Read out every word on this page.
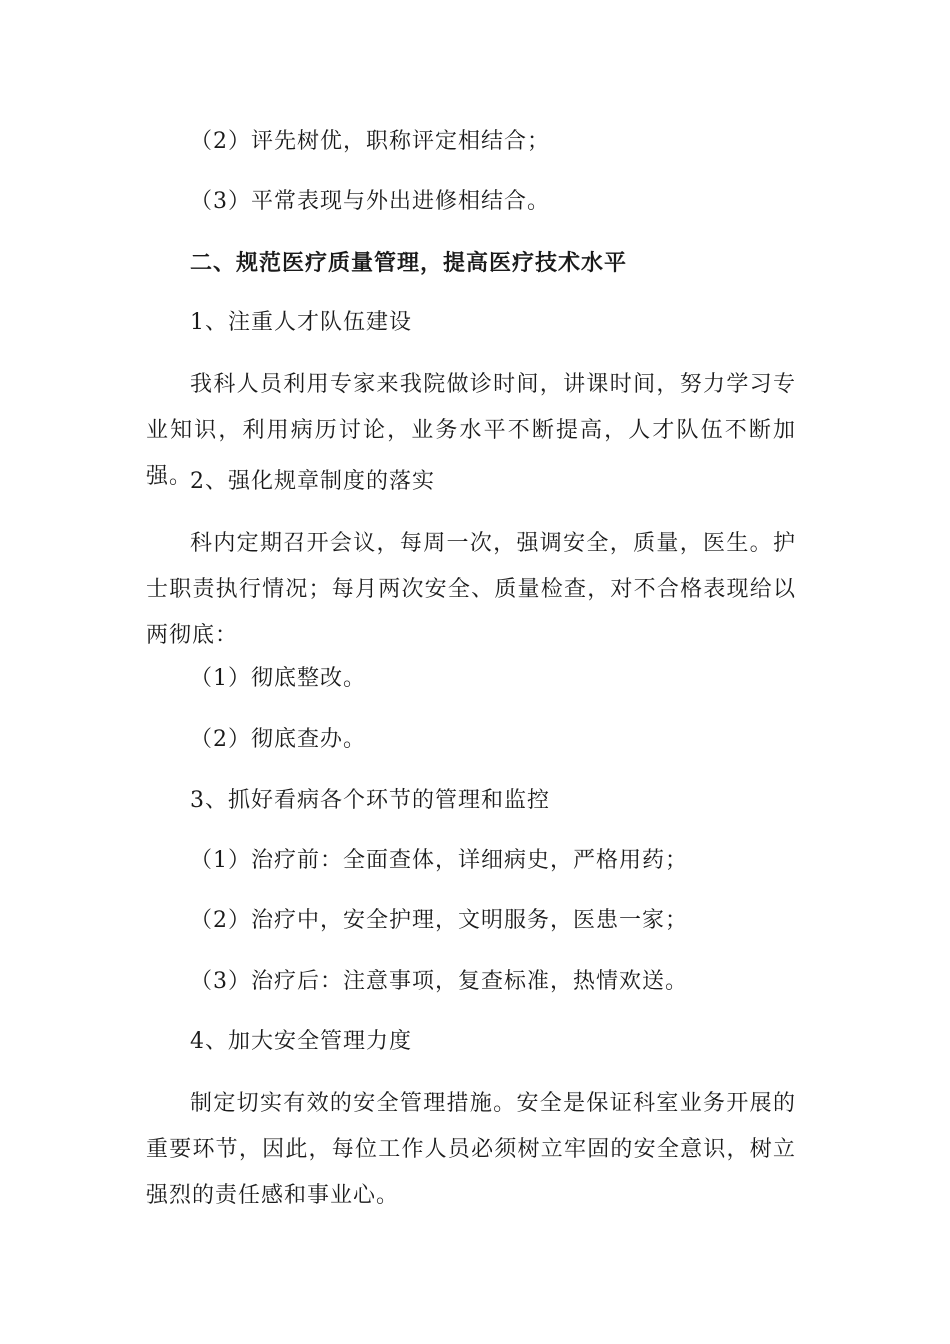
（2）评先树优，职称评定相结合；
（3）平常表现与外出进修相结合。
二、规范医疗质量管理，提高医疗技术水平
1、注重人才队伍建设
我科人员利用专家来我院做诊时间，讲课时间，努力学习专业知识，利用病历讨论，业务水平不断提高，人才队伍不断加强。
2、强化规章制度的落实
科内定期召开会议，每周一次，强调安全，质量，医生。护士职责执行情况；每月两次安全、质量检查，对不合格表现给以两彻底：
（1）彻底整改。
（2）彻底查办。
3、抓好看病各个环节的管理和监控
（1）治疗前：全面查体，详细病史，严格用药；
（2）治疗中，安全护理，文明服务，医患一家；
（3）治疗后：注意事项，复查标准，热情欢送。
4、加大安全管理力度
制定切实有效的安全管理措施。安全是保证科室业务开展的重要环节，因此，每位工作人员必须树立牢固的安全意识，树立强烈的责任感和事业心。
